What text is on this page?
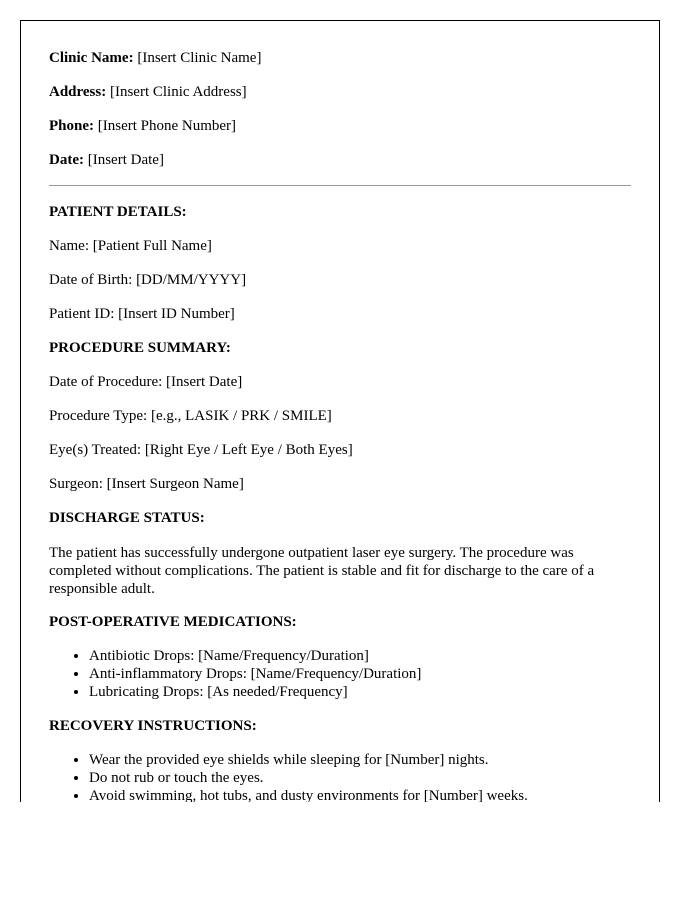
Clinic Name: [Insert Clinic Name]
Address: [Insert Clinic Address]
Phone: [Insert Phone Number]
Date: [Insert Date]
PATIENT DETAILS:
Name: [Patient Full Name]
Date of Birth: [DD/MM/YYYY]
Patient ID: [Insert ID Number]
PROCEDURE SUMMARY:
Date of Procedure: [Insert Date]
Procedure Type: [e.g., LASIK / PRK / SMILE]
Eye(s) Treated: [Right Eye / Left Eye / Both Eyes]
Surgeon: [Insert Surgeon Name]
DISCHARGE STATUS:
The patient has successfully undergone outpatient laser eye surgery. The procedure was completed without complications. The patient is stable and fit for discharge to the care of a responsible adult.
POST-OPERATIVE MEDICATIONS:
• Antibiotic Drops: [Name/Frequency/Duration]
• Anti-inflammatory Drops: [Name/Frequency/Duration]
• Lubricating Drops: [As needed/Frequency]
RECOVERY INSTRUCTIONS:
• Wear the provided eye shields while sleeping for [Number] nights.
• Do not rub or touch the eyes.
• Avoid swimming, hot tubs, and dusty environments for [Number] weeks.
